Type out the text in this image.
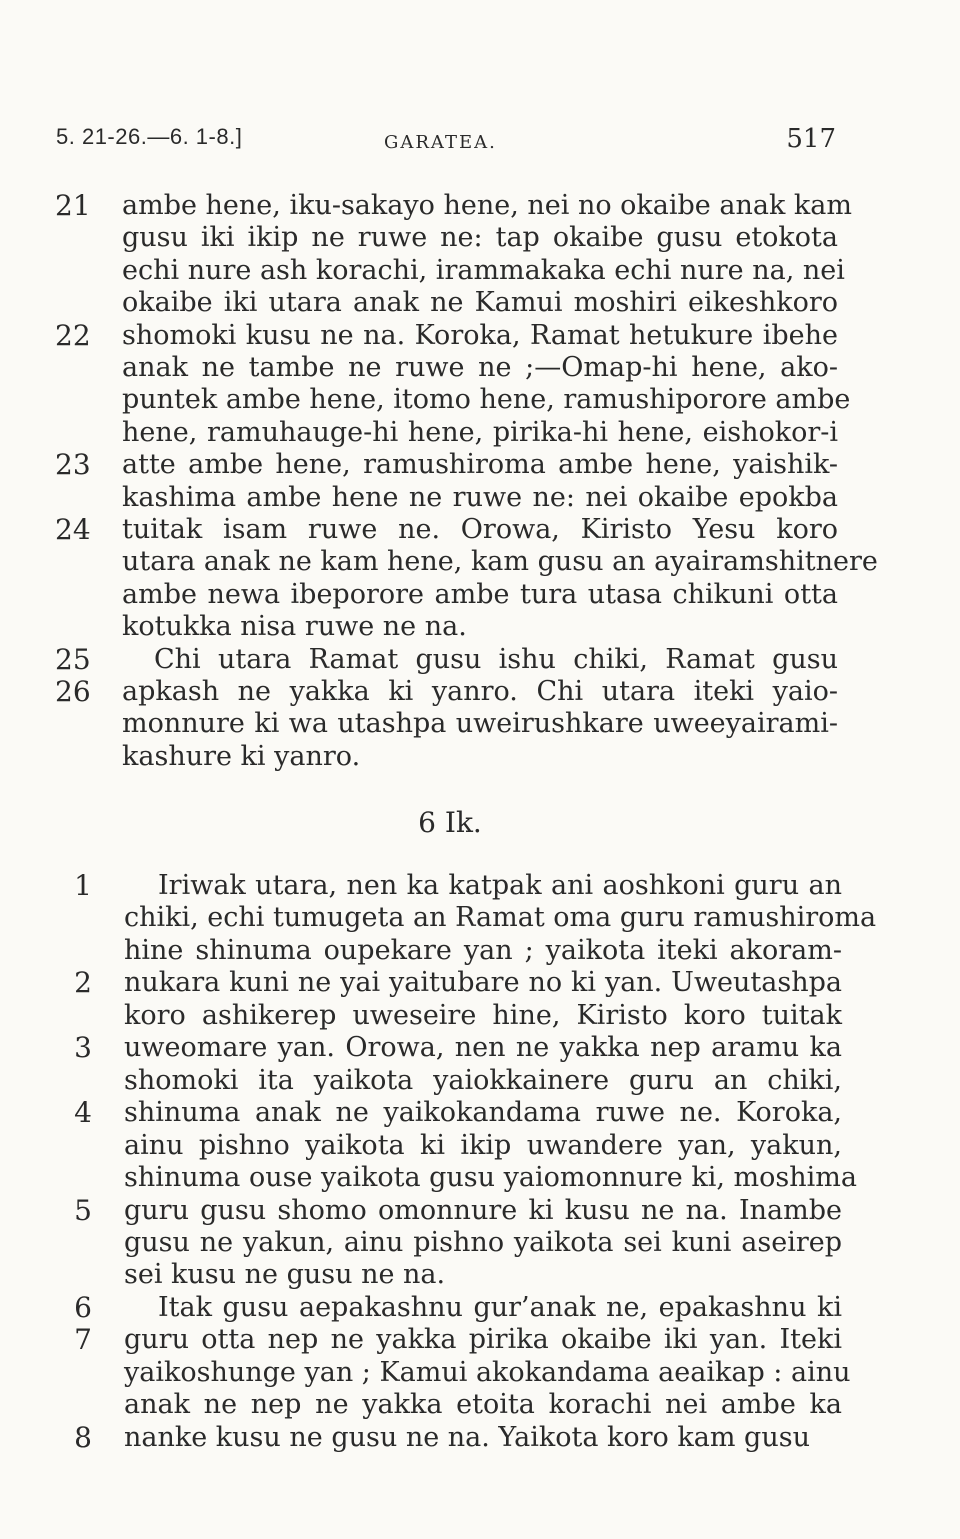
5. 21-26.—6. 1-8.]	GARATEA.	517
21 ambe hene, iku-sakayo hene, nei no okaibe anak kam
gusu iki ikip ne ruwe ne: tap okaibe gusu etokota
echi nure ash korachi, irammakaka echi nure na, nei
okaibe iki utara anak ne Kamui moshiri eikeshkoro
22 shomoki kusu ne na. Koroka, Ramat hetukure ibehe
anak ne tambe ne ruwe ne ;—Omap-hi hene, ako-
puntek ambe hene, itomo hene, ramushiporore ambe
hene, ramuhauge-hi hene, pirika-hi hene, eishokor-i
23 atte ambe hene, ramushiroma ambe hene, yaishik-
kashima ambe hene ne ruwe ne: nei okaibe epokba
24 tuitak isam ruwe ne. Orowa, Kiristo Yesu koro
utara anak ne kam hene, kam gusu an ayairamshitnere
ambe newa ibeporore ambe tura utasa chikuni otta
kotukka nisa ruwe ne na.
25 Chi utara Ramat gusu ishu chiki, Ramat gusu
26 apkash ne yakka ki yanro. Chi utara iteki yaio-
monnure ki wa utashpa uweirushkare uweeyairami-
kashure ki yanro.
6 Ik.
1 Iriwak utara, nen ka katpak ani aoshkoni guru an
chiki, echi tumugeta an Ramat oma guru ramushiroma
hine shinuma oupekare yan ; yaikota iteki akoram-
2 nukara kuni ne yai yaitubare no ki yan. Uweutashpa
koro ashikerep uweseire hine, Kiristo koro tuitak
3 uweomare yan. Orowa, nen ne yakka nep aramu ka
shomoki ita yaikota yaiokkainere guru an chiki,
4 shinuma anak ne yaikokandama ruwe ne. Koroka,
ainu pishno yaikota ki ikip uwandere yan, yakun,
shinuma ouse yaikota gusu yaiomonnure ki, moshima
5 guru gusu shomo omonnure ki kusu ne na. Inambe
gusu ne yakun, ainu pishno yaikota sei kuni aseirep
sei kusu ne gusu ne na.
6 Itak gusu aepakashnu gur’anak ne, epakashnu ki
7 guru otta nep ne yakka pirika okaibe iki yan. Iteki
yaikoshunge yan ; Kamui akokandama aeaikap : ainu
anak ne nep ne yakka etoita korachi nei ambe ka
8 nanke kusu ne gusu ne na. Yaikota koro kam gusu
